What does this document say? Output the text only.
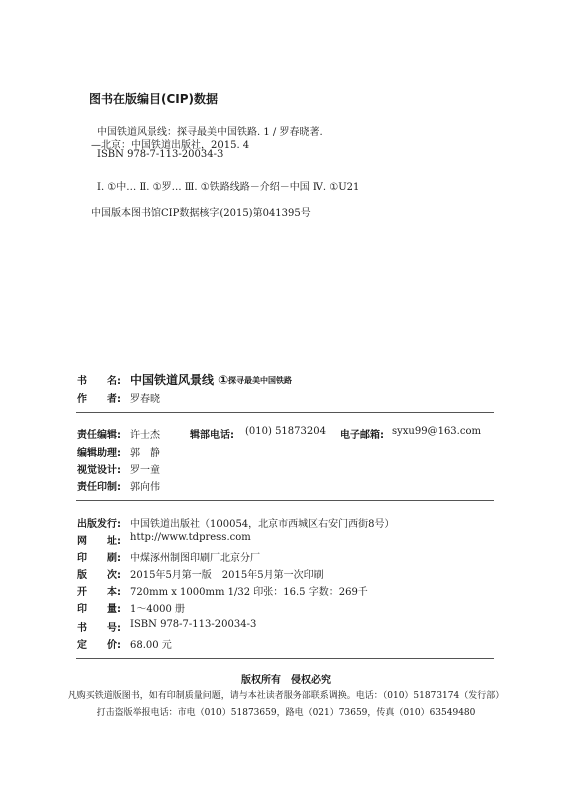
图书在版编目(CIP)数据
中国铁道风景线：探寻最美中国铁路. 1 / 罗春晓著.
—北京：中国铁道出版社，2015. 4
ISBN 978-7-113-20034-3
Ⅰ. ①中… Ⅱ. ①罗… Ⅲ. ①铁路线路－介绍－中国 Ⅳ. ①U21
中国版本图书馆CIP数据核字(2015)第041395号
书　　名: 中国铁道风景线 ① 探寻最美中国铁路
作　　者: 罗春晓
责任编辑: 许士杰	辑部电话: (010) 51873204 电子邮箱: syxu99@163.com
编辑助理: 郭　静
视觉设计: 罗一童
责任印制: 郭向伟
出版发行: 中国铁道出版社（100054，北京市西城区右安门西街8号）
网　　址: http://www.tdpress.com
印　　刷: 中煤涿州制图印刷厂北京分厂
版　　次: 2015年5月第一版　2015年5月第一次印刷
开　　本: 720mm x 1000mm 1/32 印张：16.5 字数：269千
印　　量: 1～4000 册
书　　号: ISBN 978-7-113-20034-3
定　　价: 68.00 元
版权所有　侵权必究
凡购买铁道版图书，如有印制质量问题，请与本社读者服务部联系调换。电话：（010）51873174（发行部）
打击盗版举报电话：市电（010）51873659，路电（021）73659，传真（010）63549480
